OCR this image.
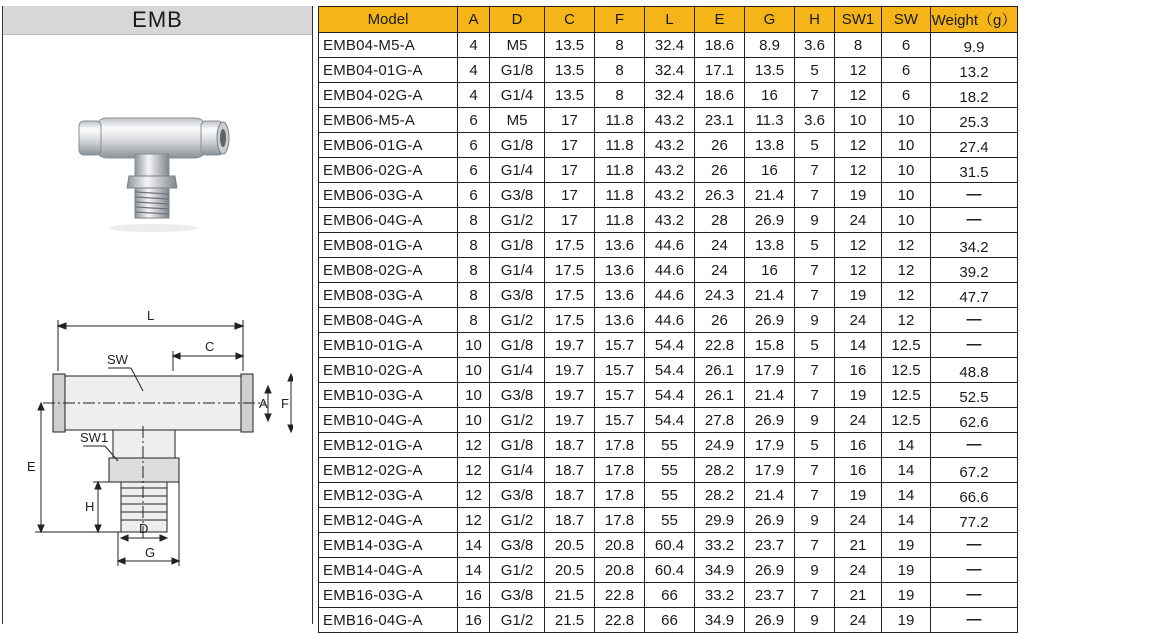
EMB
L
C
SW
SW1
A F
E
H
D
G
Model	A	D	C	F	L	E	G	H	SW1	SW	Weight（g）
EMB04-M5-A	4	M5	13.5	8	32.4	18.6	8.9	3.6	8	6	9.9
EMB04-01G-A	4	G1/8	13.5	8	32.4	17.1	13.5	5	12	6	13.2
EMB04-02G-A	4	G1/4	13.5	8	32.4	18.6	16	7	12	6	18.2
EMB06-M5-A	6	M5	17	11.8	43.2	23.1	11.3	3.6	10	10	25.3
EMB06-01G-A	6	G1/8	17	11.8	43.2	26	13.8	5	12	10	27.4
EMB06-02G-A	6	G1/4	17	11.8	43.2	26	16	7	12	10	31.5
EMB06-03G-A	6	G3/8	17	11.8	43.2	26.3	21.4	7	19	10	—
EMB06-04G-A	8	G1/2	17	11.8	43.2	28	26.9	9	24	10	—
EMB08-01G-A	8	G1/8	17.5	13.6	44.6	24	13.8	5	12	12	34.2
EMB08-02G-A	8	G1/4	17.5	13.6	44.6	24	16	7	12	12	39.2
EMB08-03G-A	8	G3/8	17.5	13.6	44.6	24.3	21.4	7	19	12	47.7
EMB08-04G-A	8	G1/2	17.5	13.6	44.6	26	26.9	9	24	12	—
EMB10-01G-A	10	G1/8	19.7	15.7	54.4	22.8	15.8	5	14	12.5	—
EMB10-02G-A	10	G1/4	19.7	15.7	54.4	26.1	17.9	7	16	12.5	48.8
EMB10-03G-A	10	G3/8	19.7	15.7	54.4	26.1	21.4	7	19	12.5	52.5
EMB10-04G-A	10	G1/2	19.7	15.7	54.4	27.8	26.9	9	24	12.5	62.6
EMB12-01G-A	12	G1/8	18.7	17.8	55	24.9	17.9	5	16	14	—
EMB12-02G-A	12	G1/4	18.7	17.8	55	28.2	17.9	7	16	14	67.2
EMB12-03G-A	12	G3/8	18.7	17.8	55	28.2	21.4	7	19	14	66.6
EMB12-04G-A	12	G1/2	18.7	17.8	55	29.9	26.9	9	24	14	77.2
EMB14-03G-A	14	G3/8	20.5	20.8	60.4	33.2	23.7	7	21	19	—
EMB14-04G-A	14	G1/2	20.5	20.8	60.4	34.9	26.9	9	24	19	—
EMB16-03G-A	16	G3/8	21.5	22.8	66	33.2	23.7	7	21	19	—
EMB16-04G-A	16	G1/2	21.5	22.8	66	34.9	26.9	9	24	19	—
